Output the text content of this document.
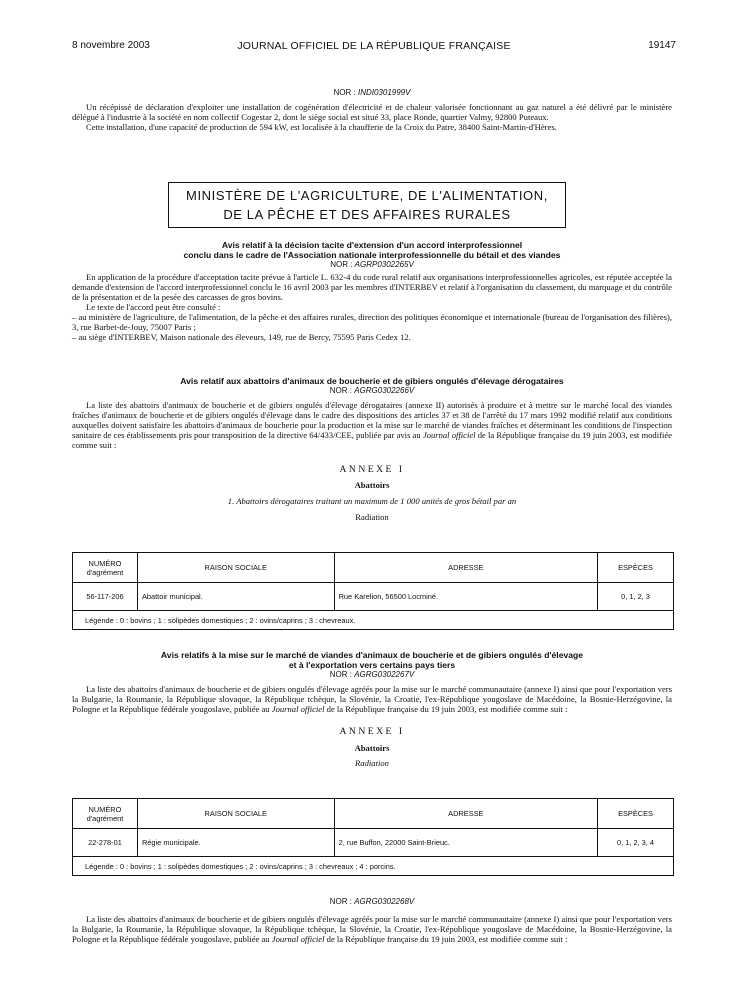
8 novembre 2003	JOURNAL OFFICIEL DE LA RÉPUBLIQUE FRANÇAISE	19147
NOR : INDI0301999V

Un récépissé de déclaration d'exploiter une installation de cogénération d'électricité et de chaleur valorisée fonctionnant au gaz naturel a été délivré par le ministère délégué à l'industrie à la société en nom collectif Cogestar 2, dont le siège social est situé 33, place Ronde, quartier Valmy, 92800 Puteaux.

Cette installation, d'une capacité de production de 594 kW, est localisée à la chaufferie de la Croix du Patre, 38400 Saint-Martin-d'Hères.

MINISTÈRE DE L'AGRICULTURE, DE L'ALIMENTATION,
DE LA PÊCHE ET DES AFFAIRES RURALES

Avis relatif à la décision tacite d'extension d'un accord interprofessionnel

conclu dans le cadre de l'Association nationale interprofessionnelle du bétail et des viandes

NOR : AGRP0302265V

En application de la procédure d'acceptation tacite prévue à l'article L. 632-4 du code rural relatif aux organisations interprofessionnelles agricoles, est réputée acceptée la demande d'extension de l'accord interprofessionnel conclu le 16 avril 2003 par les membres d'INTERBEV et relatif à l'organisation du classement, du marquage et du contrôle de la présentation et de la pesée des carcasses de gros bovins.

Le texte de l'accord peut être consulté :

– au ministère de l'agriculture, de l'alimentation, de la pêche et des affaires rurales, direction des politiques économique et internationale (bureau de l'organisation des filières), 3, rue Barbet-de-Jouy, 75007 Paris ;

– au siège d'INTERBEV, Maison nationale des éleveurs, 149, rue de Bercy, 75595 Paris Cedex 12.

Avis relatif aux abattoirs d'animaux de boucherie et de gibiers ongulés d'élevage dérogataires

NOR : AGRG0302266V

La liste des abattoirs d'animaux de boucherie et de gibiers ongulés d'élevage dérogataires (annexe II) autorisés à produire et à mettre sur le marché local des viandes fraîches d'animaux de boucherie et de gibiers ongulés d'élevage dans le cadre des dispositions des articles 37 et 38 de l'arrêté du 17 mars 1992 modifié relatif aux conditions auxquelles doivent satisfaire les abattoirs d'animaux de boucherie pour la production et la mise sur le marché de viandes fraîches et déterminant les conditions de l'inspection sanitaire de ces établissements pris pour transposition de la directive 64/433/CEE, publiée par avis au Journal officiel de la République française du 19 juin 2003, est modifiée comme suit :

ANNEXE I
Abattoirs
1. Abattoirs dérogataires traitant un maximum de 1 000 unités de gros bétail par an
Radiation
NUMÉRO d'agrément	RAISON SOCIALE	ADRESSE	ESPÈCES
56-117-206	Abattoir municipal.	Rue Karelion, 56500 Locminé.	0, 1, 2, 3
Légende : 0 : bovins ; 1 : solipèdes domestiques ; 2 : ovins/caprins ; 3 : chevreaux.			

Avis relatifs à la mise sur le marché de viandes d'animaux de boucherie et de gibiers ongulés d'élevage

et à l'exportation vers certains pays tiers

NOR : AGRG0302267V

La liste des abattoirs d'animaux de boucherie et de gibiers ongulés d'élevage agréés pour la mise sur le marché communautaire (annexe I) ainsi que pour l'exportation vers la Bulgarie, la Roumanie, la République slovaque, la République tchèque, la Slovénie, la Croatie, l'ex-République yougoslave de Macédoine, la Bosnie-Herzégovine, la Pologne et la République fédérale yougoslave, publiée au Journal officiel de la République française du 19 juin 2003, est modifiée comme suit :

ANNEXE I
Abattoirs
Radiation
NUMÉRO d'agrément	RAISON SOCIALE	ADRESSE	ESPÈCES
22-278-01	Régie municipale.	2, rue Buffon, 22000 Saint-Brieuc.	0, 1, 2, 3, 4
Légende : 0 : bovins ; 1 : solipèdes domestiques ; 2 : ovins/caprins ; 3 : chevreaux ; 4 : porcins.			
NOR : AGRG0302268V

La liste des abattoirs d'animaux de boucherie et de gibiers ongulés d'élevage agréés pour la mise sur le marché communautaire (annexe I) ainsi que pour l'exportation vers la Bulgarie, la Roumanie, la République slovaque, la République tchèque, la Slovénie, la Croatie, l'ex-République yougoslave de Macédoine, la Bosnie-Herzégovine, la Pologne et la République fédérale yougoslave, publiée au Journal officiel de la République française du 19 juin 2003, est modifiée comme suit :
